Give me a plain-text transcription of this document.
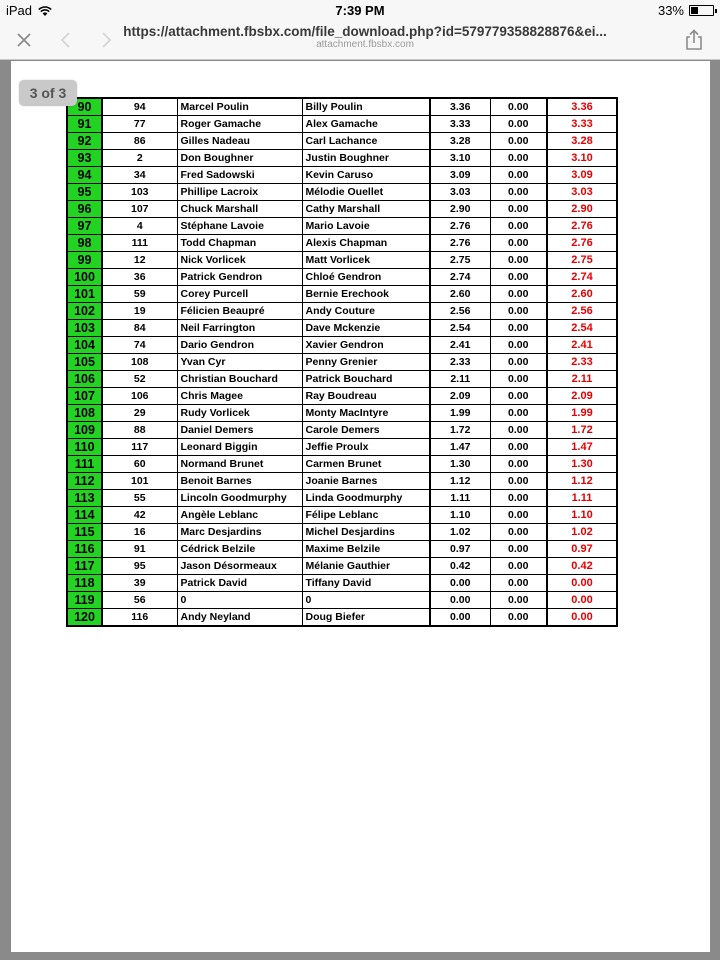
iPad	7:39 PM	33%
https://attachment.fbsbx.com/file_download.php?id=579779358828876&ei...
attachment.fbsbx.com
3 of 3
90	94	Marcel Poulin	Billy Poulin	3.36	0.00	3.36
91	77	Roger Gamache	Alex Gamache	3.33	0.00	3.33
92	86	Gilles Nadeau	Carl Lachance	3.28	0.00	3.28
93	2	Don Boughner	Justin Boughner	3.10	0.00	3.10
94	34	Fred Sadowski	Kevin Caruso	3.09	0.00	3.09
95	103	Phillipe Lacroix	Mélodie Ouellet	3.03	0.00	3.03
96	107	Chuck Marshall	Cathy Marshall	2.90	0.00	2.90
97	4	Stéphane Lavoie	Mario Lavoie	2.76	0.00	2.76
98	111	Todd Chapman	Alexis Chapman	2.76	0.00	2.76
99	12	Nick Vorlicek	Matt Vorlicek	2.75	0.00	2.75
100	36	Patrick Gendron	Chloé Gendron	2.74	0.00	2.74
101	59	Corey Purcell	Bernie Erechook	2.60	0.00	2.60
102	19	Félicien Beaupré	Andy Couture	2.56	0.00	2.56
103	84	Neil Farrington	Dave Mckenzie	2.54	0.00	2.54
104	74	Dario Gendron	Xavier Gendron	2.41	0.00	2.41
105	108	Yvan Cyr	Penny Grenier	2.33	0.00	2.33
106	52	Christian Bouchard	Patrick Bouchard	2.11	0.00	2.11
107	106	Chris Magee	Ray Boudreau	2.09	0.00	2.09
108	29	Rudy Vorlicek	Monty MacIntyre	1.99	0.00	1.99
109	88	Daniel Demers	Carole Demers	1.72	0.00	1.72
110	117	Leonard Biggin	Jeffie Proulx	1.47	0.00	1.47
111	60	Normand Brunet	Carmen Brunet	1.30	0.00	1.30
112	101	Benoit Barnes	Joanie Barnes	1.12	0.00	1.12
113	55	Lincoln Goodmurphy	Linda Goodmurphy	1.11	0.00	1.11
114	42	Angèle Leblanc	Félipe Leblanc	1.10	0.00	1.10
115	16	Marc Desjardins	Michel Desjardins	1.02	0.00	1.02
116	91	Cédrick Belzile	Maxime Belzile	0.97	0.00	0.97
117	95	Jason Désormeaux	Mélanie Gauthier	0.42	0.00	0.42
118	39	Patrick David	Tiffany David	0.00	0.00	0.00
119	56	0	0	0.00	0.00	0.00
120	116	Andy Neyland	Doug Biefer	0.00	0.00	0.00
